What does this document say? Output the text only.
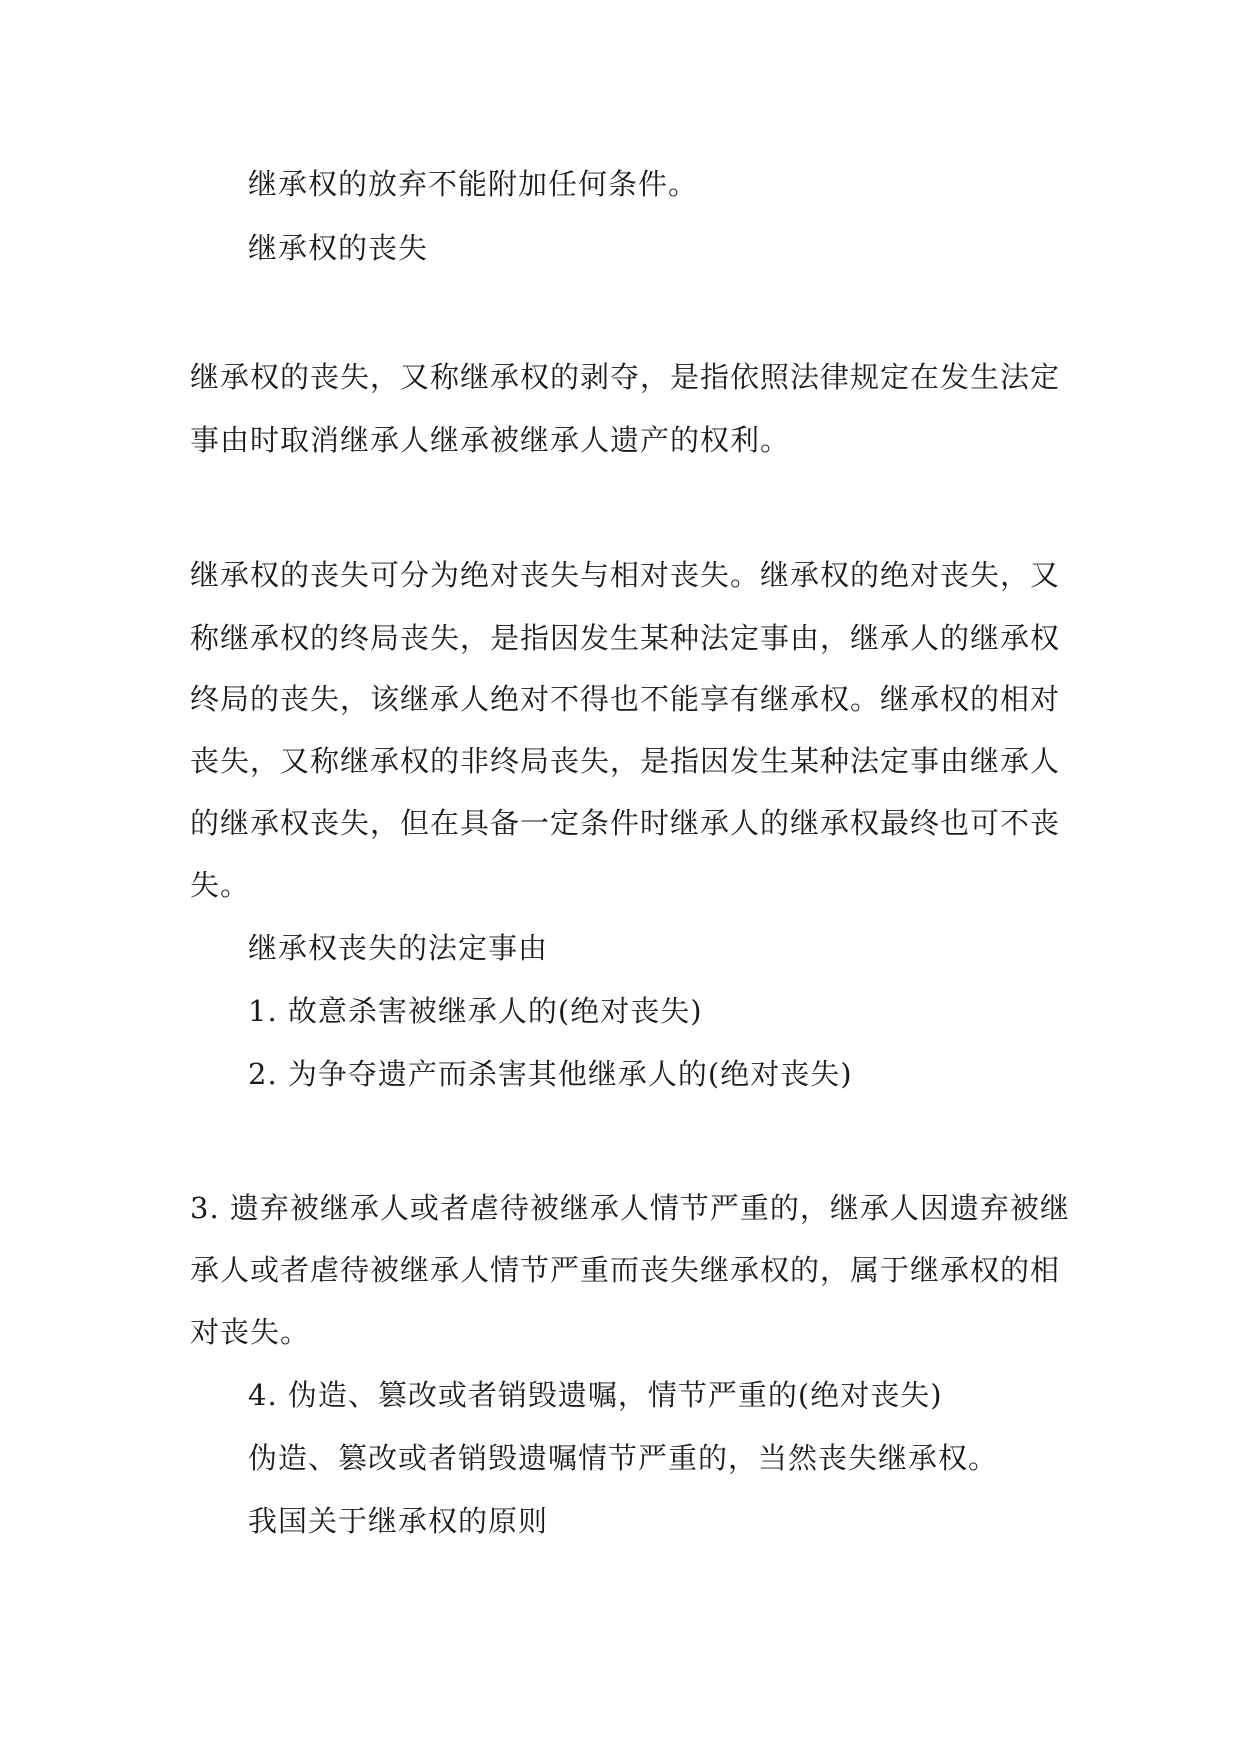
继承权的放弃不能附加任何条件。
继承权的丧失
继承权的丧失，又称继承权的剥夺，是指依照法律规定在发生法定
事由时取消继承人继承被继承人遗产的权利。
继承权的丧失可分为绝对丧失与相对丧失。继承权的绝对丧失，又
称继承权的终局丧失，是指因发生某种法定事由，继承人的继承权
终局的丧失，该继承人绝对不得也不能享有继承权。继承权的相对
丧失，又称继承权的非终局丧失，是指因发生某种法定事由继承人
的继承权丧失，但在具备一定条件时继承人的继承权最终也可不丧
失。
继承权丧失的法定事由
1. 故意杀害被继承人的(绝对丧失)
2. 为争夺遗产而杀害其他继承人的(绝对丧失)
3. 遗弃被继承人或者虐待被继承人情节严重的，继承人因遗弃被继
承人或者虐待被继承人情节严重而丧失继承权的，属于继承权的相
对丧失。
4. 伪造、篡改或者销毁遗嘱，情节严重的(绝对丧失)
伪造、篡改或者销毁遗嘱情节严重的，当然丧失继承权。
我国关于继承权的原则
